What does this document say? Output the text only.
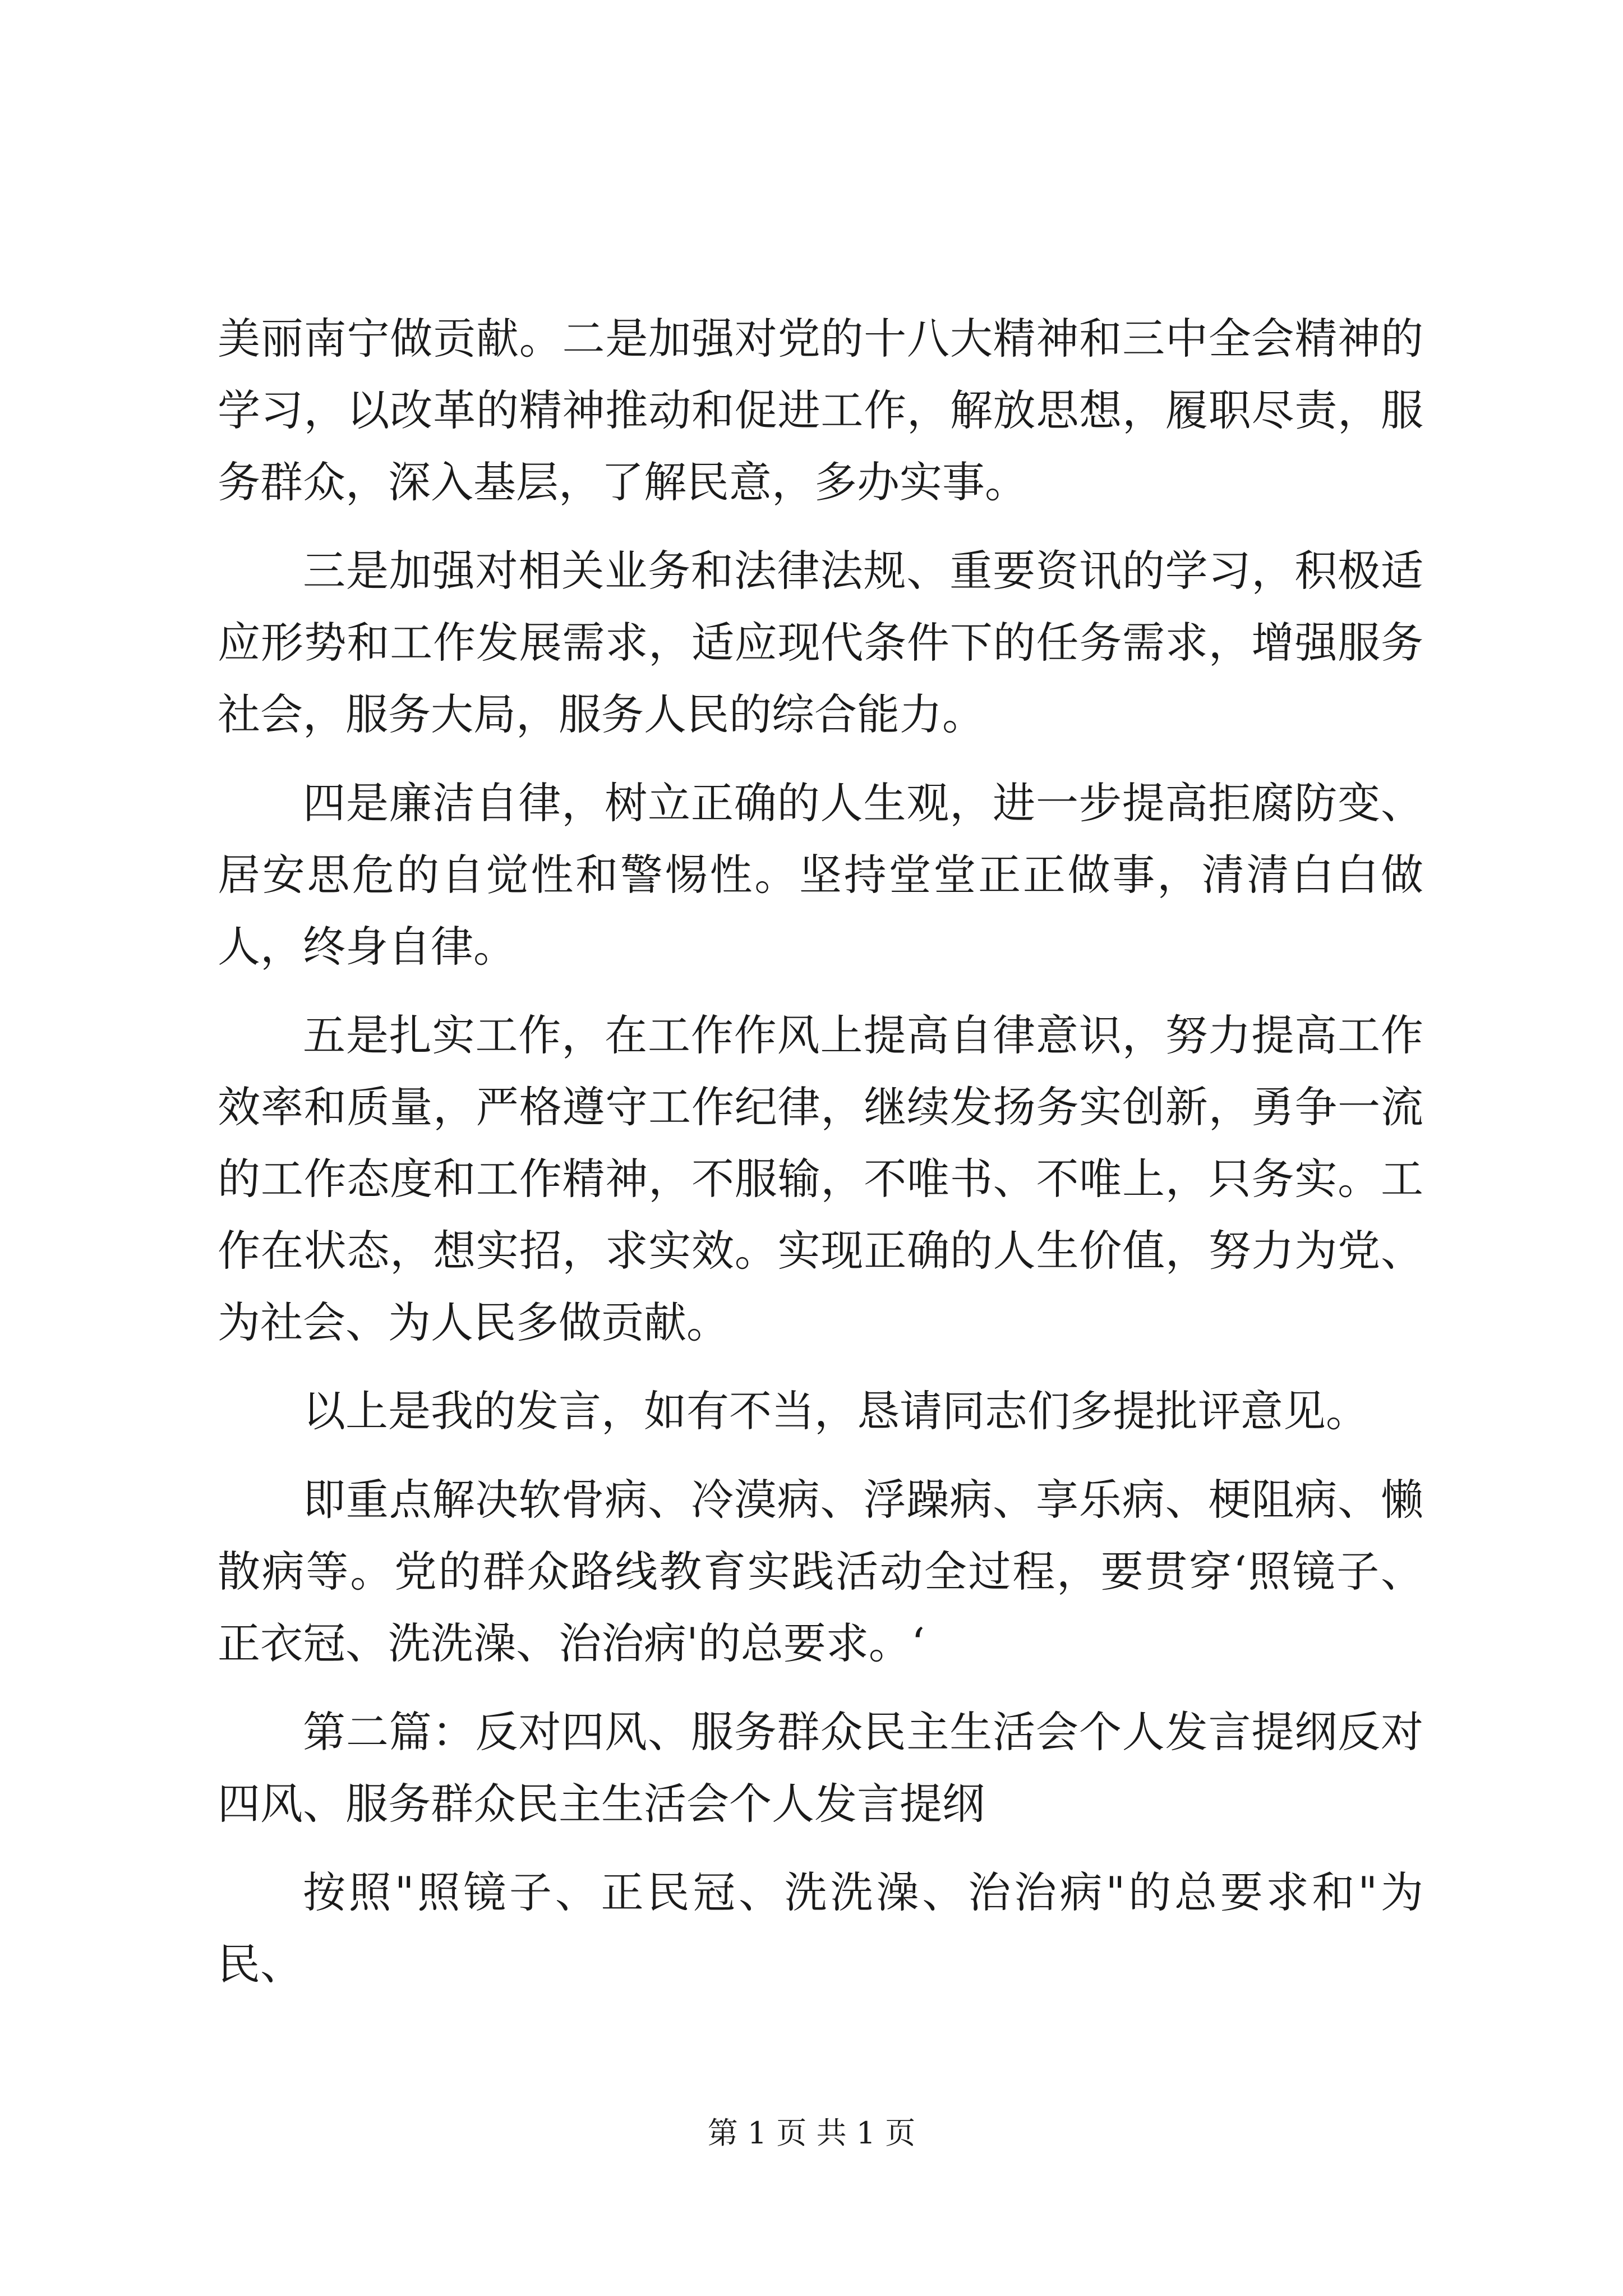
美丽南宁做贡献。二是加强对党的十八大精神和三中全会精神的学习，以改革的精神推动和促进工作，解放思想，履职尽责，服务群众，深入基层，了解民意，多办实事。

三是加强对相关业务和法律法规、重要资讯的学习，积极适应形势和工作发展需求，适应现代条件下的任务需求，增强服务社会，服务大局，服务人民的综合能力。

四是廉洁自律，树立正确的人生观，进一步提高拒腐防变、居安思危的自觉性和警惕性。坚持堂堂正正做事，清清白白做人，终身自律。

五是扎实工作，在工作作风上提高自律意识，努力提高工作效率和质量，严格遵守工作纪律，继续发扬务实创新，勇争一流的工作态度和工作精神，不服输，不唯书、不唯上，只务实。工作在状态，想实招，求实效。实现正确的人生价值，努力为党、为社会、为人民多做贡献。

以上是我的发言，如有不当，恳请同志们多提批评意见。

即重点解决软骨病、冷漠病、浮躁病、享乐病、梗阻病、懒散病等。党的群众路线教育实践活动全过程，要贯穿‘照镜子、正衣冠、洗洗澡、治治病'的总要求。‘

第二篇：反对四风、服务群众民主生活会个人发言提纲反对四风、服务群众民主生活会个人发言提纲

按照"照镜子、正民冠、洗洗澡、治治病"的总要求和"为民、

第 1 页 共 1 页
